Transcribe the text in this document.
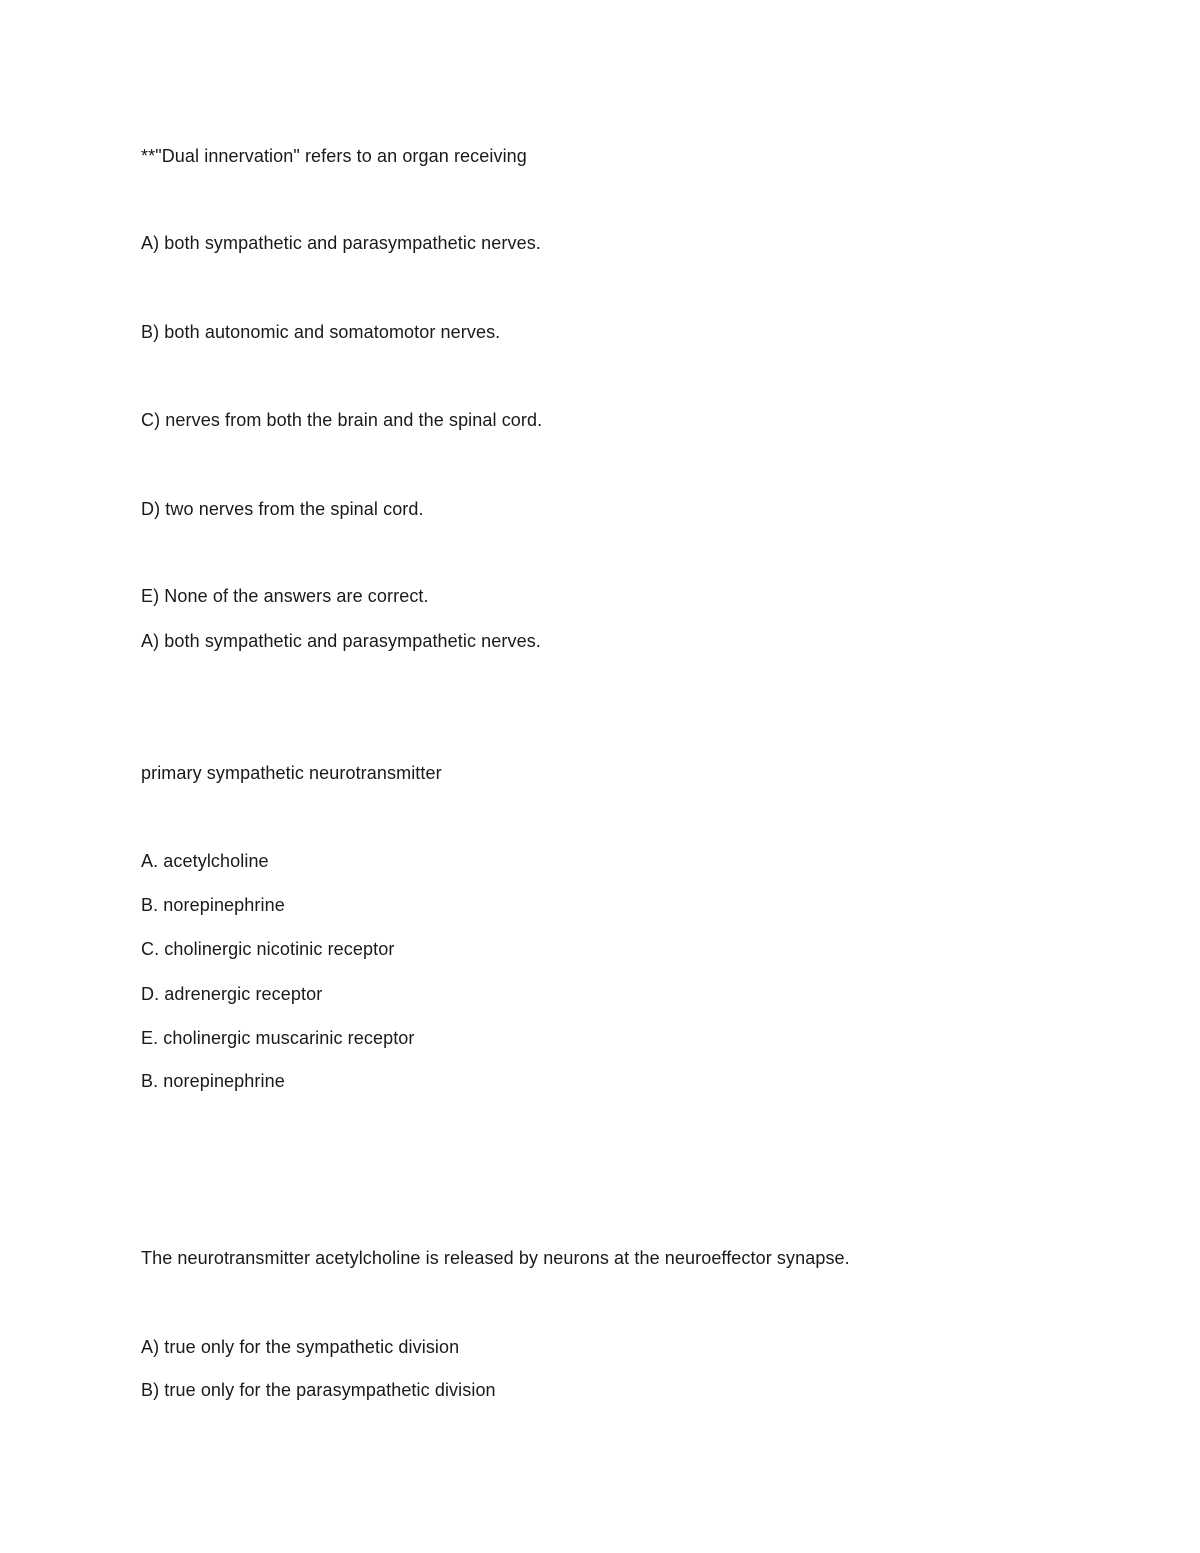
**"Dual innervation" refers to an organ receiving
A) both sympathetic and parasympathetic nerves.
B) both autonomic and somatomotor nerves.
C) nerves from both the brain and the spinal cord.
D) two nerves from the spinal cord.
E) None of the answers are correct.
A) both sympathetic and parasympathetic nerves.
primary sympathetic neurotransmitter
A. acetylcholine
B. norepinephrine
C. cholinergic nicotinic receptor
D. adrenergic receptor
E. cholinergic muscarinic receptor
B. norepinephrine
The neurotransmitter acetylcholine is released by neurons at the neuroeffector synapse.
A) true only for the sympathetic division
B) true only for the parasympathetic division
